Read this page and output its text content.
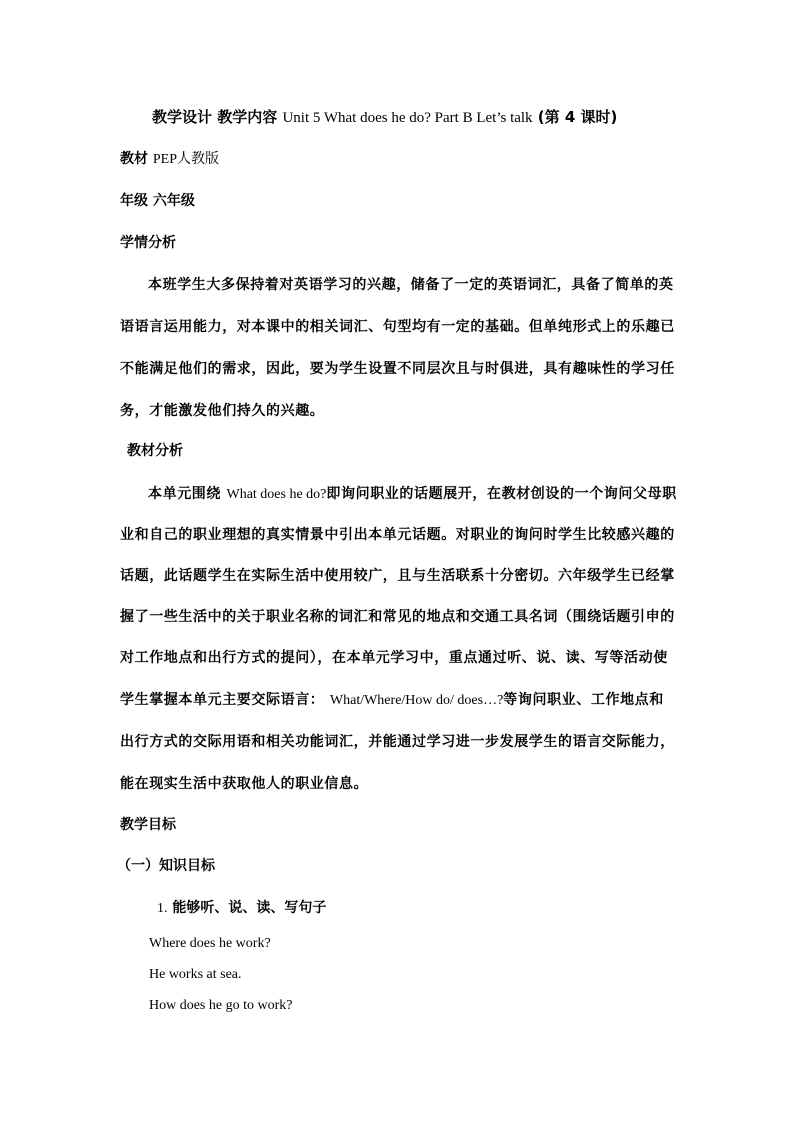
教学设计 教学内容 Unit 5 What does he do? Part B Let’s talk (第 4 课时)
教材 PEP人教版
年级 六年级
学情分析
本班学生大多保持着对英语学习的兴趣，储备了一定的英语词汇，具备了简单的英
语语言运用能力，对本课中的相关词汇、句型均有一定的基础。但单纯形式上的乐趣已
不能满足他们的需求，因此，要为学生设置不同层次且与时俱进，具有趣味性的学习任
务，才能激发他们持久的兴趣。
教材分析
本单元围绕 What does he do?即询问职业的话题展开，在教材创设的一个询问父母职
业和自己的职业理想的真实情景中引出本单元话题。对职业的询问时学生比较感兴趣的
话题，此话题学生在实际生活中使用较广，且与生活联系十分密切。六年级学生已经掌
握了一些生活中的关于职业名称的词汇和常见的地点和交通工具名词（围绕话题引申的
对工作地点和出行方式的提问），在本单元学习中，重点通过听、说、读、写等活动使
学生掌握本单元主要交际语言： What/Where/How do/ does…?等询问职业、工作地点和
出行方式的交际用语和相关功能词汇，并能通过学习进一步发展学生的语言交际能力，
能在现实生活中获取他人的职业信息。
教学目标
（一）知识目标
1. 能够听、说、读、写句子
Where does he work?
He works at sea.
How does he go to work?
